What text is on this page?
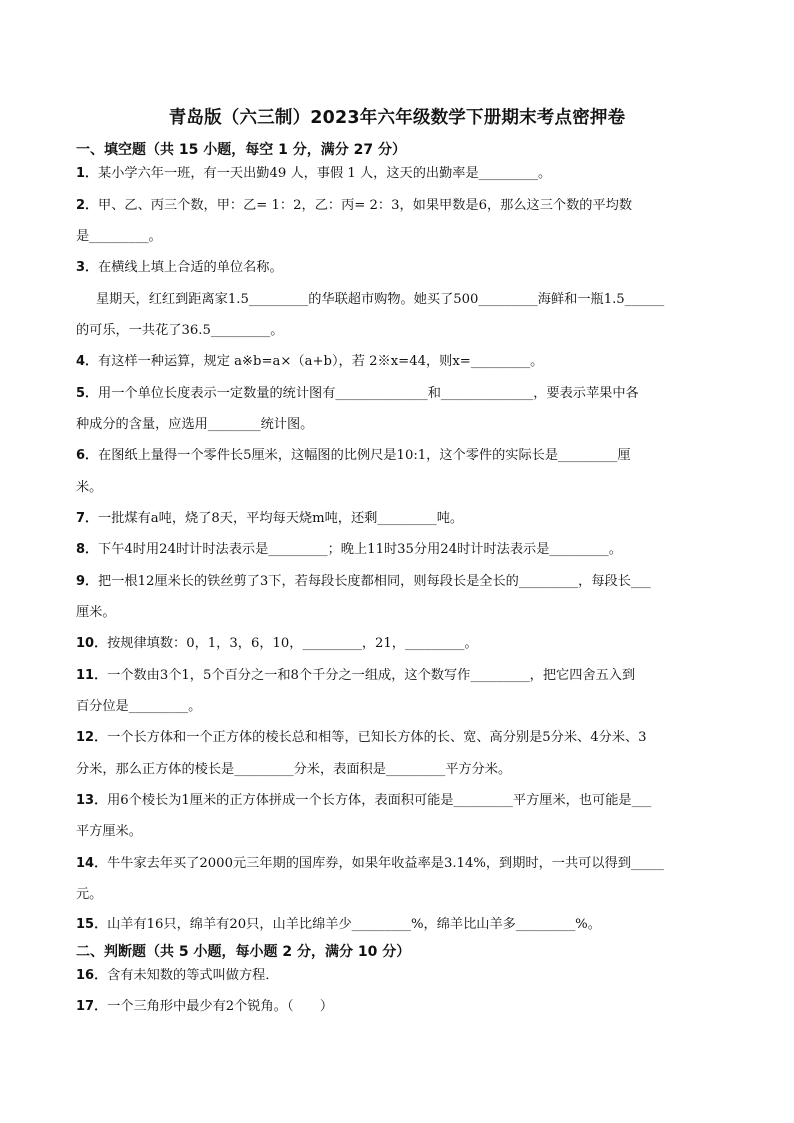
青岛版（六三制）2023年六年级数学下册期末考点密押卷
一、填空题（共 15 小题，每空 1 分，满分 27 分）
1．某小学六年一班，有一天出勤49 人，事假 1 人，这天的出勤率是_________。
2．甲、乙、丙三个数，甲：乙= 1：2，乙：丙= 2：3，如果甲数是6，那么这三个数的平均数
是_________。
3．在横线上填上合适的单位名称。
星期天，红红到距离家1.5_________的华联超市购物。她买了500_________海鲜和一瓶1.5______
的可乐，一共花了36.5_________。
4．有这样一种运算，规定 a※b=a×（a+b），若 2※x=44，则x=_________。
5．用一个单位长度表示一定数量的统计图有______________和______________，要表示苹果中各
种成分的含量，应选用________统计图。
6．在图纸上量得一个零件长5厘米，这幅图的比例尺是10:1，这个零件的实际长是_________厘
米。
7．一批煤有a吨，烧了8天，平均每天烧m吨，还剩_________吨。
8．下午4时用24时计时法表示是_________；晚上11时35分用24时计时法表示是_________。
9．把一根12厘米长的铁丝剪了3下，若每段长度都相同，则每段长是全长的_________，每段长___
厘米。
10．按规律填数：0，1，3，6，10，_________，21，_________。
11．一个数由3个1，5个百分之一和8个千分之一组成，这个数写作_________，把它四舍五入到
百分位是_________。
12．一个长方体和一个正方体的棱长总和相等，已知长方体的长、宽、高分别是5分米、4分米、3
分米，那么正方体的棱长是_________分米，表面积是_________平方分米。
13．用6个棱长为1厘米的正方体拼成一个长方体，表面积可能是_________平方厘米，也可能是___
平方厘米。
14．牛牛家去年买了2000元三年期的国库券，如果年收益率是3.14%，到期时，一共可以得到_____
元。
15．山羊有16只，绵羊有20只，山羊比绵羊少_________%，绵羊比山羊多_________%。
二、判断题（共 5 小题，每小题 2 分，满分 10 分）
16．含有未知数的等式叫做方程．
17．一个三角形中最少有2个锐角。（　　）
